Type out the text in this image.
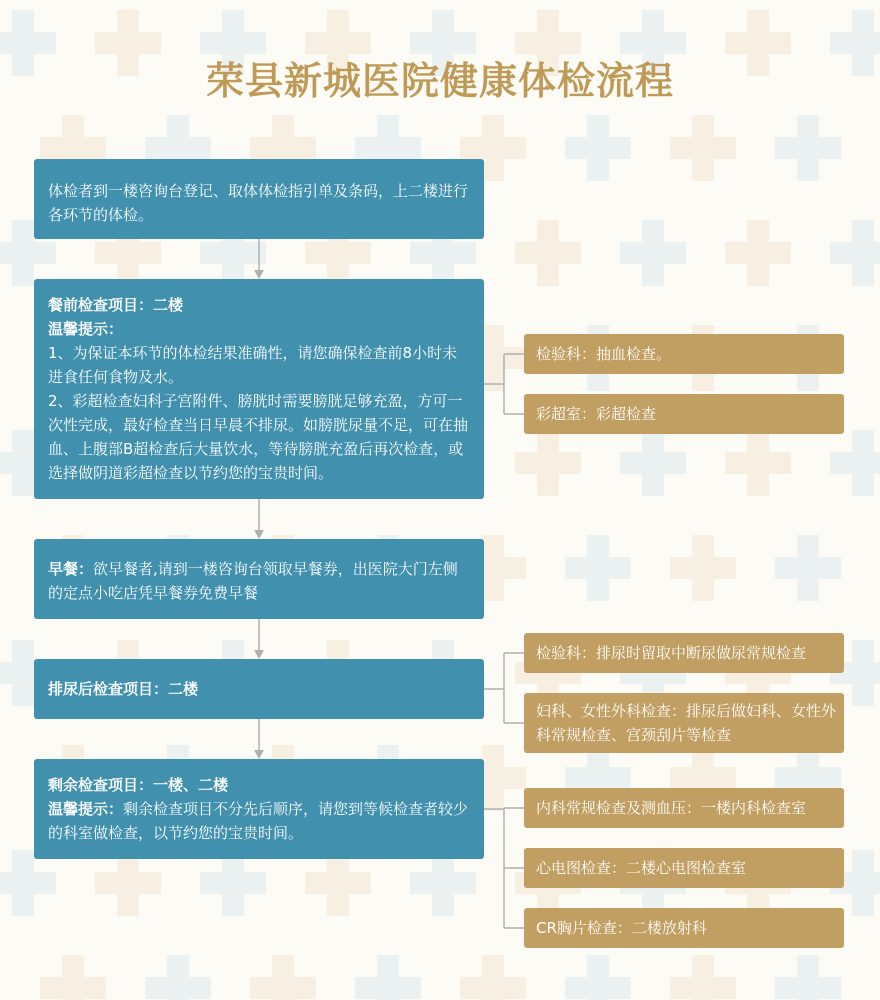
荣县新城医院健康体检流程

体检者到一楼咨询台登记、取体体检指引单及条码，上二楼进行各环节的体检。

餐前检查项目：二楼

温馨提示：

1、为保证本环节的体检结果准确性，请您确保检查前8小时未进食任何食物及水。

2、彩超检查妇科子宫附件、膀胱时需要膀胱足够充盈，方可一次性完成，最好检查当日早晨不排尿。如膀胱尿量不足，可在抽血、上腹部B超检查后大量饮水，等待膀胱充盈后再次检查，或选择做阴道彩超检查以节约您的宝贵时间。

早餐：欲早餐者,请到一楼咨询台领取早餐券，出医院大门左侧的定点小吃店凭早餐券免费早餐

排尿后检查项目：二楼

剩余检查项目：一楼、二楼

温馨提示：剩余检查项目不分先后顺序，请您到等候检查者较少的科室做检查，以节约您的宝贵时间。

检验科：抽血检查。
彩超室：彩超检查
检验科：排尿时留取中断尿做尿常规检查
妇科、女性外科检查：排尿后做妇科、女性外科常规检查、宫颈刮片等检查
内科常规检查及测血压：一楼内科检查室
心电图检查：二楼心电图检查室
CR胸片检查：二楼放射科
